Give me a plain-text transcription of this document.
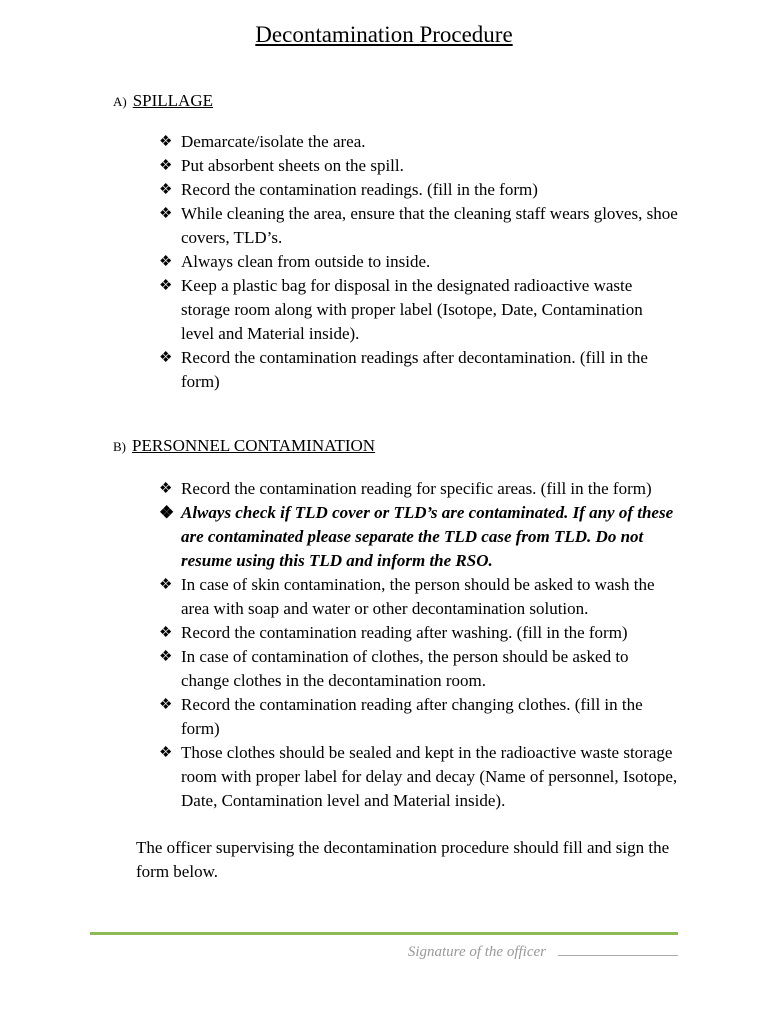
Decontamination Procedure
A) SPILLAGE
❖ Demarcate/isolate the area.
❖ Put absorbent sheets on the spill.
❖ Record the contamination readings. (fill in the form)
❖ While cleaning the area, ensure that the cleaning staff wears gloves, shoe covers, TLD’s.
❖ Always clean from outside to inside.
❖ Keep a plastic bag for disposal in the designated radioactive waste storage room along with proper label (Isotope, Date, Contamination level and Material inside).
❖ Record the contamination readings after decontamination. (fill in the form)
B) PERSONNEL CONTAMINATION
❖ Record the contamination reading for specific areas. (fill in the form)
❖ Always check if TLD cover or TLD’s are contaminated. If any of these are contaminated please separate the TLD case from TLD. Do not resume using this TLD and inform the RSO.
❖ In case of skin contamination, the person should be asked to wash the area with soap and water or other decontamination solution.
❖ Record the contamination reading after washing. (fill in the form)
❖ In case of contamination of clothes, the person should be asked to change clothes in the decontamination room.
❖ Record the contamination reading after changing clothes. (fill in the form)
❖ Those clothes should be sealed and kept in the radioactive waste storage room with proper label for delay and decay (Name of personnel, Isotope, Date, Contamination level and Material inside).
The officer supervising the decontamination procedure should fill and sign the form below.
Signature of the officer
